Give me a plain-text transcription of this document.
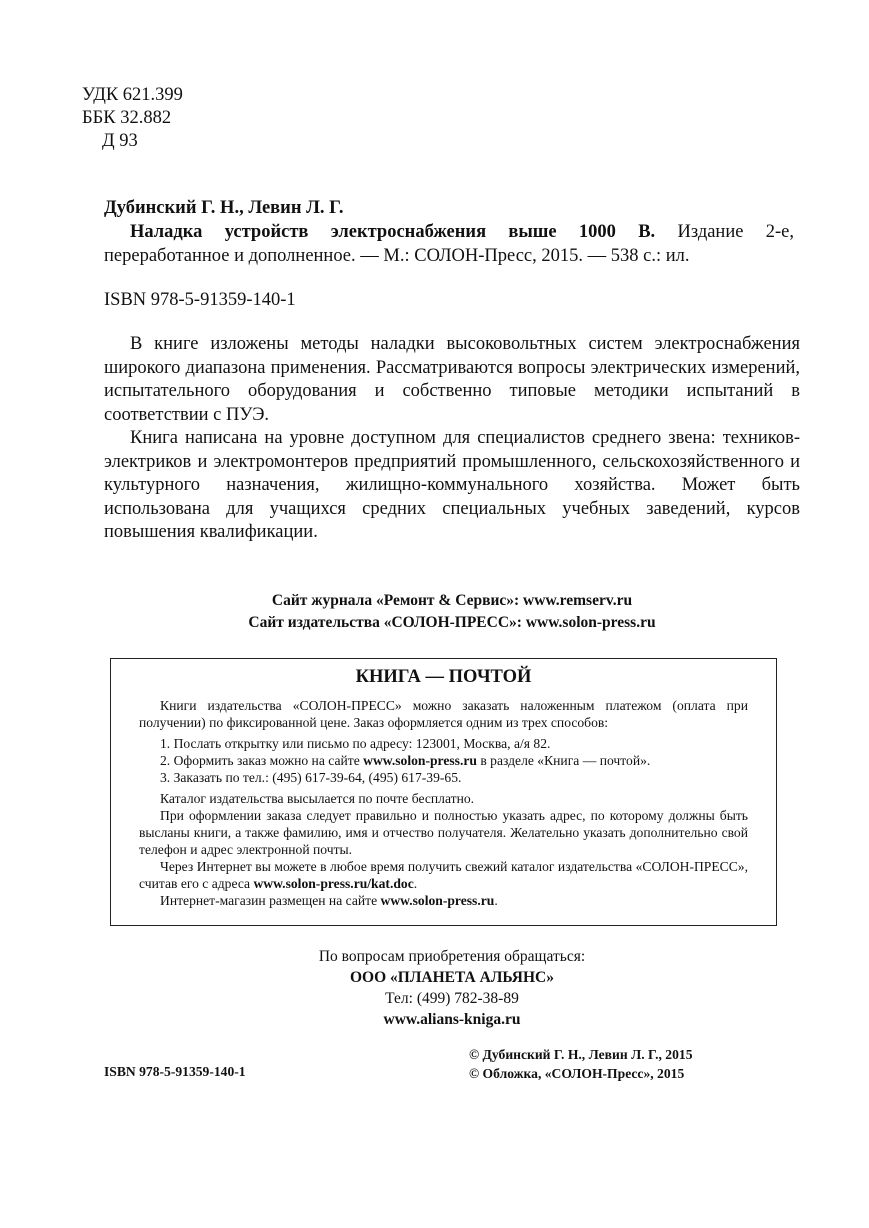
УДК 621.399
ББК 32.882
Д 93
Дубинский Г. Н., Левин Л. Г.
Наладка устройств электроснабжения выше 1000 В. Издание 2-е, переработанное и дополненное. — М.: СОЛОН-Пресс, 2015. — 538 с.: ил.
ISBN 978-5-91359-140-1

В книге изложены методы наладки высоковольтных систем электроснабжения широкого диапазона применения. Рассматриваются вопросы электрических измерений, испытательного оборудования и собственно типовые методики испытаний в соответствии с ПУЭ.

Книга написана на уровне доступном для специалистов среднего звена: техников-электриков и электромонтеров предприятий промышленного, сельскохозяйственного и культурного назначения, жилищно-коммунального хозяйства. Может быть использована для учащихся средних специальных учебных заведений, курсов повышения квалификации.

Сайт журнала «Ремонт & Сервис»: www.remserv.ru
Сайт издательства «СОЛОН-ПРЕСС»: www.solon-press.ru
КНИГА — ПОЧТОЙ

Книги издательства «СОЛОН-ПРЕСС» можно заказать наложенным платежом (оплата при получении) по фиксированной цене. Заказ оформляется одним из трех способов:

1. Послать открытку или письмо по адресу: 123001, Москва, а/я 82.

2. Оформить заказ можно на сайте www.solon-press.ru в разделе «Книга — почтой».

3. Заказать по тел.: (495) 617-39-64, (495) 617-39-65.

Каталог издательства высылается по почте бесплатно.

При оформлении заказа следует правильно и полностью указать адрес, по которому должны быть высланы книги, а также фамилию, имя и отчество получателя. Желательно указать дополнительно свой телефон и адрес электронной почты.

Через Интернет вы можете в любое время получить свежий каталог издательства «СОЛОН-ПРЕСС», считав его с адреса www.solon-press.ru/kat.doc.

Интернет-магазин размещен на сайте www.solon-press.ru.

По вопросам приобретения обращаться:
ООО «ПЛАНЕТА АЛЬЯНС»
Тел: (499) 782-38-89
www.alians-kniga.ru
© Дубинский Г. Н., Левин Л. Г., 2015
© Обложка, «СОЛОН-Пресс», 2015
ISBN 978-5-91359-140-1
